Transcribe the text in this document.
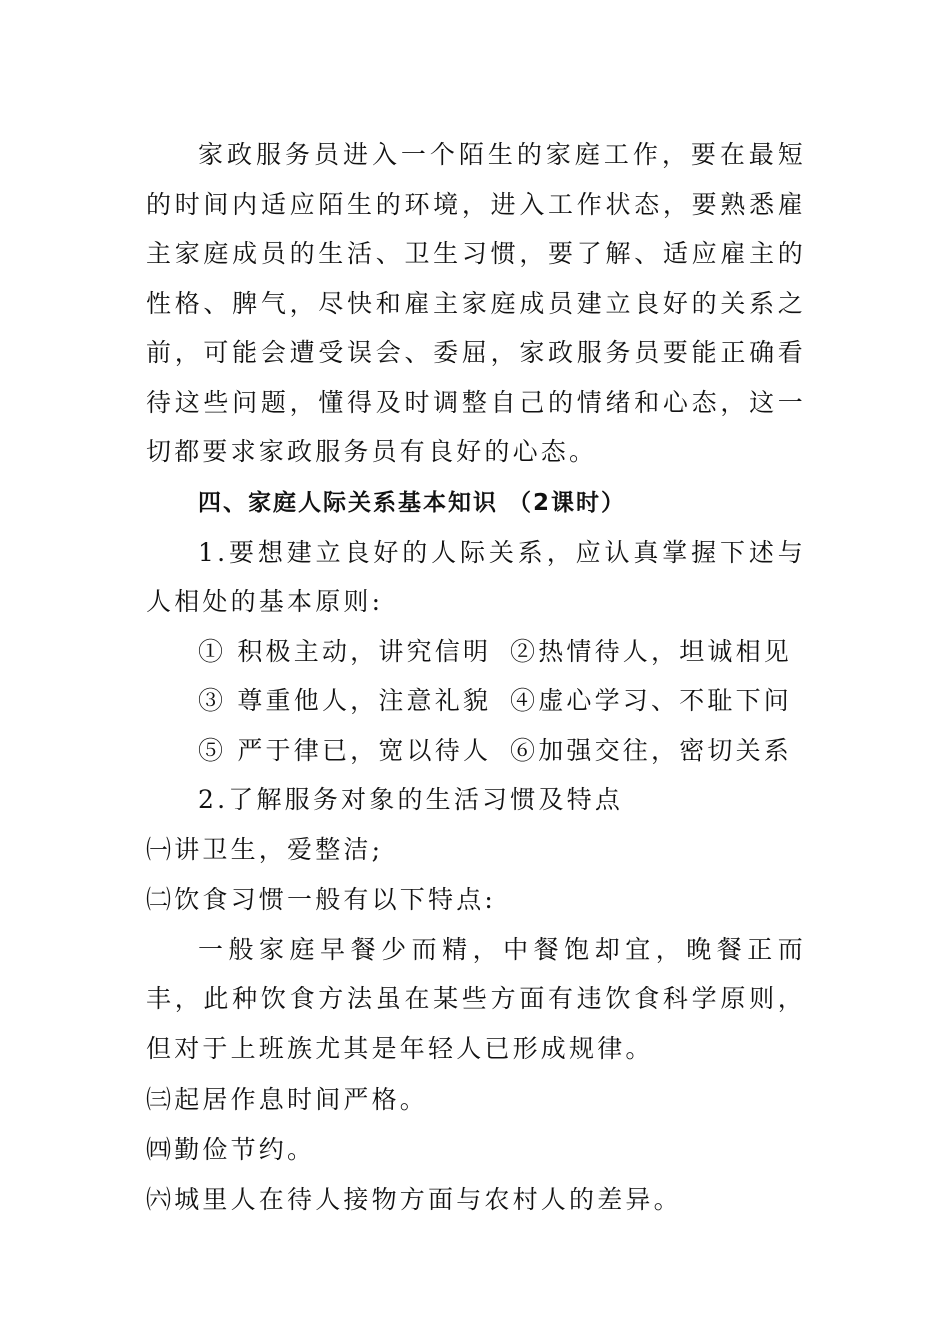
家政服务员进入一个陌生的家庭工作，要在最短的时间内适应陌生的环境，进入工作状态，要熟悉雇主家庭成员的生活、卫生习惯，要了解、适应雇主的性格、脾气，尽快和雇主家庭成员建立良好的关系之前，可能会遭受误会、委屈，家政服务员要能正确看待这些问题，懂得及时调整自己的情绪和心态，这一切都要求家政服务员有良好的心态。

四、家庭人际关系基本知识 （2课时）

1.要想建立良好的人际关系，应认真掌握下述与人相处的基本原则:

① 积极主动，讲究信明 ②热情待人，坦诚相见
③ 尊重他人，注意礼貌 ④虚心学习、不耻下问
⑤ 严于律已，宽以待人 ⑥加强交往，密切关系

2.了解服务对象的生活习惯及特点

㈠讲卫生，爱整洁;

㈡饮食习惯一般有以下特点:

一般家庭早餐少而精，中餐饱却宜，晚餐正而丰，此种饮食方法虽在某些方面有违饮食科学原则，但对于上班族尤其是年轻人已形成规律。

㈢起居作息时间严格。

㈣勤俭节约。

㈥城里人在待人接物方面与农村人的差异。
